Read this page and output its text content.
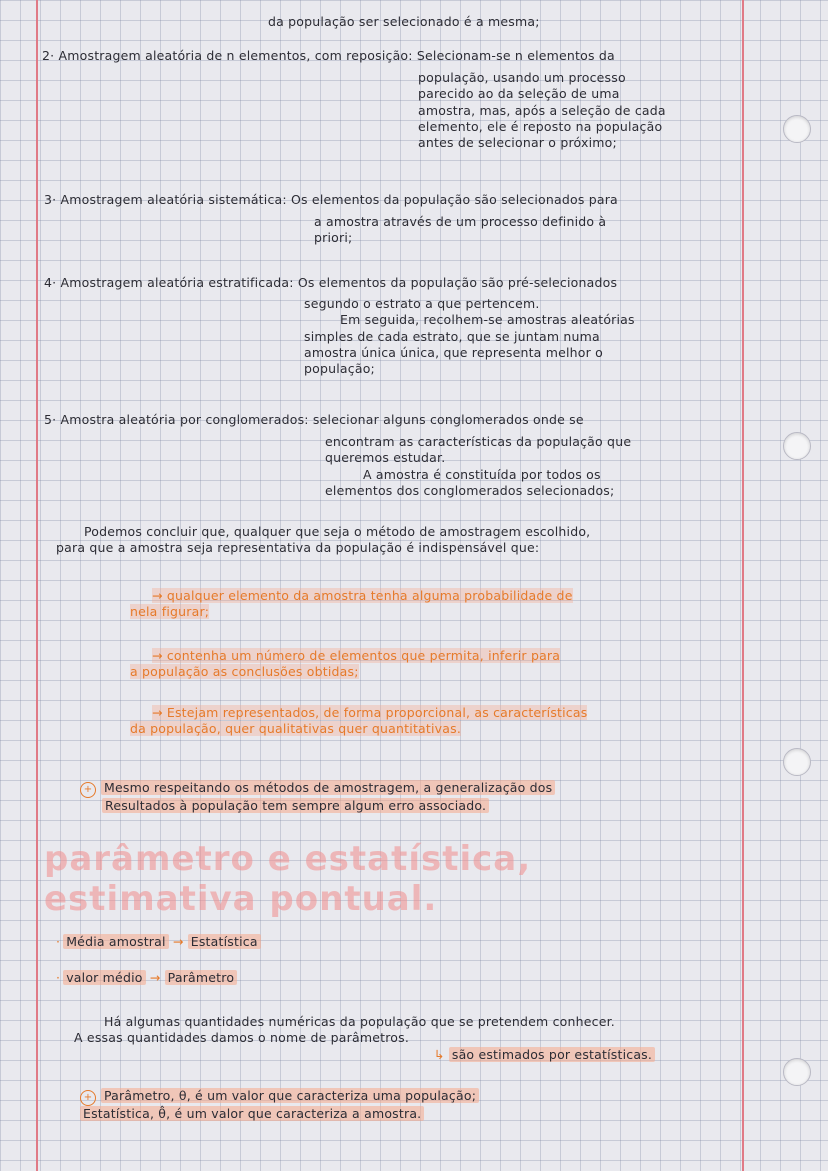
da população ser selecionado é a mesma;
2· Amostragem aleatória de n elementos, com reposição: Selecionam-se n elementos da
população, usando um processo
parecido ao da seleção de uma
amostra, mas, após a seleção de cada
elemento, ele é reposto na população
antes de selecionar o próximo;
3· Amostragem aleatória sistemática: Os elementos da população são selecionados para
a amostra através de um processo definido à
priori;
4· Amostragem aleatória estratificada: Os elementos da população são pré-selecionados
segundo o estrato a que pertencem.
Em seguida, recolhem-se amostras aleatórias
simples de cada estrato, que se juntam numa
amostra única única, que representa melhor o
população;
5· Amostra aleatória por conglomerados: selecionar alguns conglomerados onde se
encontram as características da população que
queremos estudar.
A amostra é constituída por todos os
elementos dos conglomerados selecionados;
Podemos concluir que, qualquer que seja o método de amostragem escolhido,
para que a amostra seja representativa da população é indispensável que:
→ qualquer elemento da amostra tenha alguma probabilidade de
nela figurar;
→ contenha um número de elementos que permita, inferir para
a população as conclusões obtidas;
→ Estejam representados, de forma proporcional, as características
da população, quer qualitativas quer quantitativas.
+ Mesmo respeitando os métodos de amostragem, a generalização dos
Resultados à população tem sempre algum erro associado.
parâmetro e estatística,
estimativa pontual.
· Média amostral → Estatística
· valor médio → Parâmetro
Há algumas quantidades numéricas da população que se pretendem conhecer.
A essas quantidades damos o nome de parâmetros.
↳ são estimados por estatísticas.
+ Parâmetro, θ, é um valor que caracteriza uma população;
Estatística, θ̂, é um valor que caracteriza a amostra.
